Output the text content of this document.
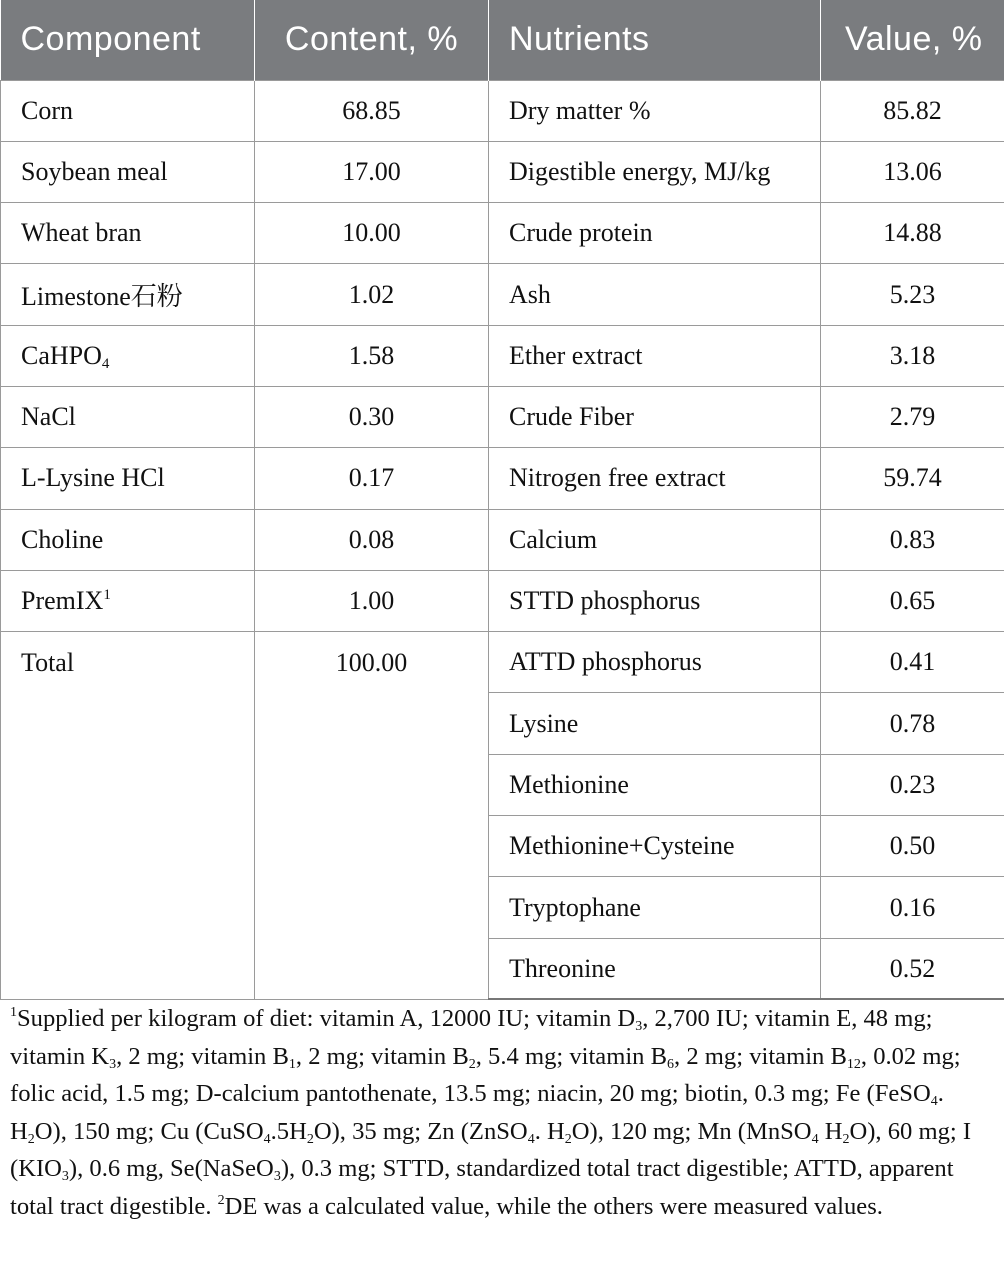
Component	Content, %	Nutrients	Value, %
Corn	68.85	Dry matter %	85.82
Soybean meal	17.00	Digestible energy, MJ/kg	13.06
Wheat bran	10.00	Crude protein	14.88
Limestone石粉	1.02	Ash	5.23
CaHPO$_4$	1.58	Ether extract	3.18
NaCl	0.30	Crude Fiber	2.79
L-Lysine HCl	0.17	Nitrogen free extract	59.74
Choline	0.08	Calcium	0.83
PremIX$^1$	1.00	STTD phosphorus	0.65
Total	100.00	ATTD phosphorus	0.41
		Lysine	0.78
		Methionine	0.23
		Methionine+Cysteine	0.50
		Tryptophane	0.16
		Threonine	0.52
$^1$Supplied per kilogram of diet: vitamin A, 12000 IU; vitamin $D_3$, 2,700 IU; vitamin E, 48 mg; vitamin $K_3$, 2 mg; vitamin $B_1$, 2 mg; vitamin $B_2$, 5.4 mg; vitamin $B_6$, 2 mg; vitamin $B_{12}$, 0.02 mg; folic acid, 1.5 mg; D-calcium pantothenate, 13.5 mg; niacin, 20 mg; biotin, 0.3 mg; Fe (FeSO$_4$. $H_2O$), 150 mg; Cu $(CuSO_4.5H_2O)$, 35 mg; Zn (ZnSO$_4$. $H_2O$), 120 mg; Mn (MnSO$_4$ $H_2O$), 60 mg; I $(KIO_3)$, 0.6 mg, Se(NaSeO$_3$), 0.3 mg; STTD, standardized total tract digestible; ATTD, apparent total tract digestible. $^2$DE was a calculated value, while the others were measured values.
